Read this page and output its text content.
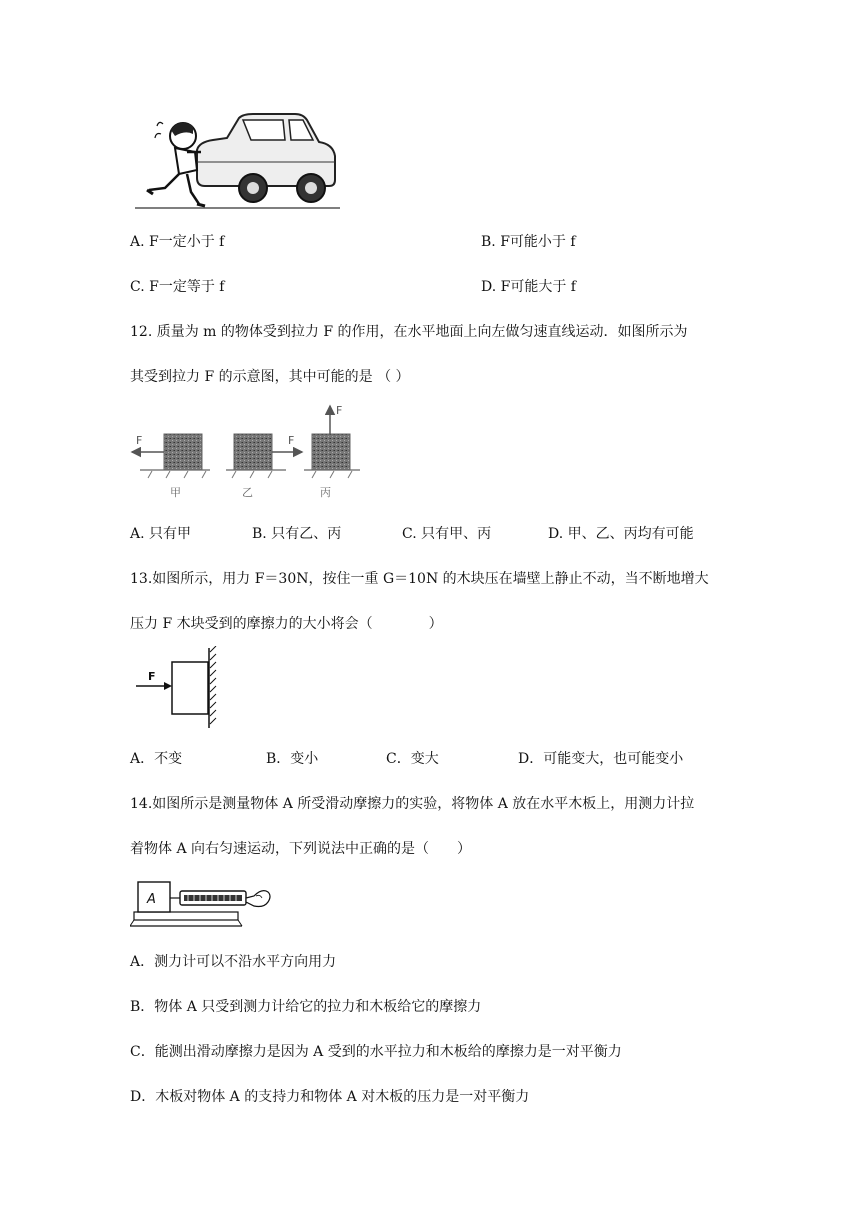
A. F一定小于 f	B. F可能小于 f
C. F一定等于 f	D. F可能大于 f
12. 质量为 m 的物体受到拉力 F 的作用，在水平地面上向左做匀速直线运动．如图所示为
其受到拉力 F 的示意图，其中可能的是 （ ）
F
甲
F
乙
F
丙
A. 只有甲	B. 只有乙、丙	C. 只有甲、丙	D. 甲、乙、丙均有可能
13.如图所示，用力 F＝30N，按住一重 G＝10N 的木块压在墙壁上静止不动，当不断地增大
压力 F 木块受到的摩擦力的大小将会（　　　　）
F
A．不变	B．变小	C．变大	D．可能变大，也可能变小
14.如图所示是测量物体 A 所受滑动摩擦力的实验，将物体 A 放在水平木板上，用测力计拉
着物体 A 向右匀速运动，下列说法中正确的是（　　）
A
A．测力计可以不沿水平方向用力
B．物体 A 只受到测力计给它的拉力和木板给它的摩擦力
C．能测出滑动摩擦力是因为 A 受到的水平拉力和木板给的摩擦力是一对平衡力
D．木板对物体 A 的支持力和物体 A 对木板的压力是一对平衡力
